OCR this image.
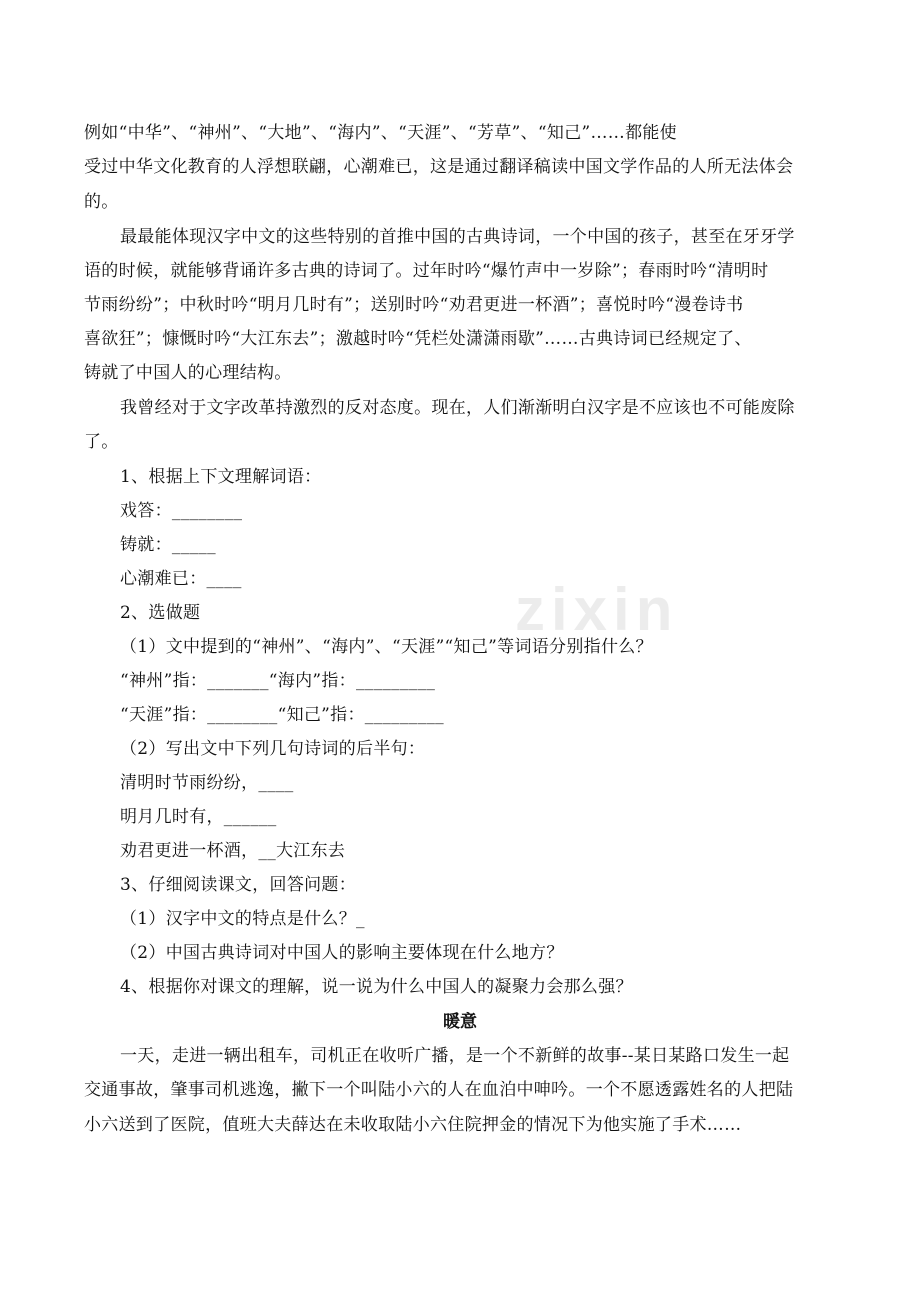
zixin
例如“中华”、“神州”、“大地”、“海内”、“天涯”、“芳草”、“知己”……都能使
受过中华文化教育的人浮想联翩，心潮难已，这是通过翻译稿读中国文学作品的人所无法体会
的。
最最能体现汉字中文的这些特别的首推中国的古典诗词，一个中国的孩子，甚至在牙牙学
语的时候，就能够背诵许多古典的诗词了。过年时吟“爆竹声中一岁除”；春雨时吟“清明时
节雨纷纷”；中秋时吟“明月几时有”；送别时吟“劝君更进一杯酒”；喜悦时吟“漫卷诗书
喜欲狂”；慷慨时吟“大江东去”；激越时吟“凭栏处潇潇雨歇”……古典诗词已经规定了、
铸就了中国人的心理结构。
我曾经对于文字改革持激烈的反对态度。现在，人们渐渐明白汉字是不应该也不可能废除
了。
1、根据上下文理解词语：
戏答：________
铸就：_____
心潮难已：____
2、选做题
（1）文中提到的“神州”、“海内”、“天涯”“知己”等词语分别指什么？
“神州”指：_______“海内”指：_________
“天涯”指：________“知己”指：_________
（2）写出文中下列几句诗词的后半句：
清明时节雨纷纷，____
明月几时有，______
劝君更进一杯酒，__大江东去
3、仔细阅读课文，回答问题：
（1）汉字中文的特点是什么？_
（2）中国古典诗词对中国人的影响主要体现在什么地方？
4、根据你对课文的理解，说一说为什么中国人的凝聚力会那么强？
暖意
一天，走进一辆出租车，司机正在收听广播，是一个不新鲜的故事--某日某路口发生一起
交通事故，肇事司机逃逸，撇下一个叫陆小六的人在血泊中呻吟。一个不愿透露姓名的人把陆
小六送到了医院，值班大夫薛达在未收取陆小六住院押金的情况下为他实施了手术……
